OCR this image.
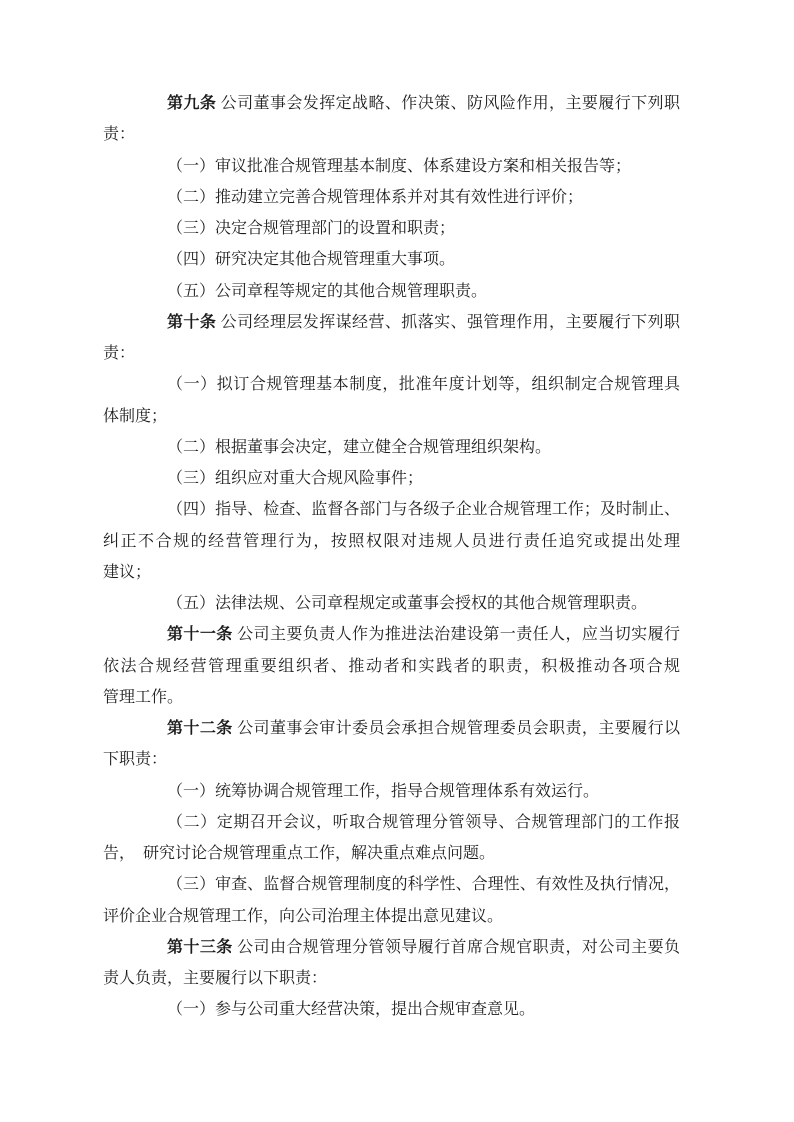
第九条 公司董事会发挥定战略、作决策、防风险作用，主要履行下列职
责：
（一）审议批准合规管理基本制度、体系建设方案和相关报告等；
（二）推动建立完善合规管理体系并对其有效性进行评价；
（三）决定合规管理部门的设置和职责；
（四）研究决定其他合规管理重大事项。
（五）公司章程等规定的其他合规管理职责。
第十条 公司经理层发挥谋经营、抓落实、强管理作用，主要履行下列职
责：
（一）拟订合规管理基本制度，批准年度计划等，组织制定合规管理具
体制度；
（二）根据董事会决定，建立健全合规管理组织架构。
（三）组织应对重大合规风险事件；
（四）指导、检查、监督各部门与各级子企业合规管理工作；及时制止、
纠正不合规的经营管理行为，按照权限对违规人员进行责任追究或提出处理
建议；
（五）法律法规、公司章程规定或董事会授权的其他合规管理职责。
第十一条 公司主要负责人作为推进法治建设第一责任人，应当切实履行
依法合规经营管理重要组织者、推动者和实践者的职责，积极推动各项合规
管理工作。
第十二条 公司董事会审计委员会承担合规管理委员会职责，主要履行以
下职责：
（一）统筹协调合规管理工作，指导合规管理体系有效运行。
（二）定期召开会议，听取合规管理分管领导、合规管理部门的工作报
告，　研究讨论合规管理重点工作，解决重点难点问题。
（三）审查、监督合规管理制度的科学性、合理性、有效性及执行情况，
评价企业合规管理工作，向公司治理主体提出意见建议。
第十三条 公司由合规管理分管领导履行首席合规官职责，对公司主要负
责人负责，主要履行以下职责：
（一）参与公司重大经营决策，提出合规审查意见。
